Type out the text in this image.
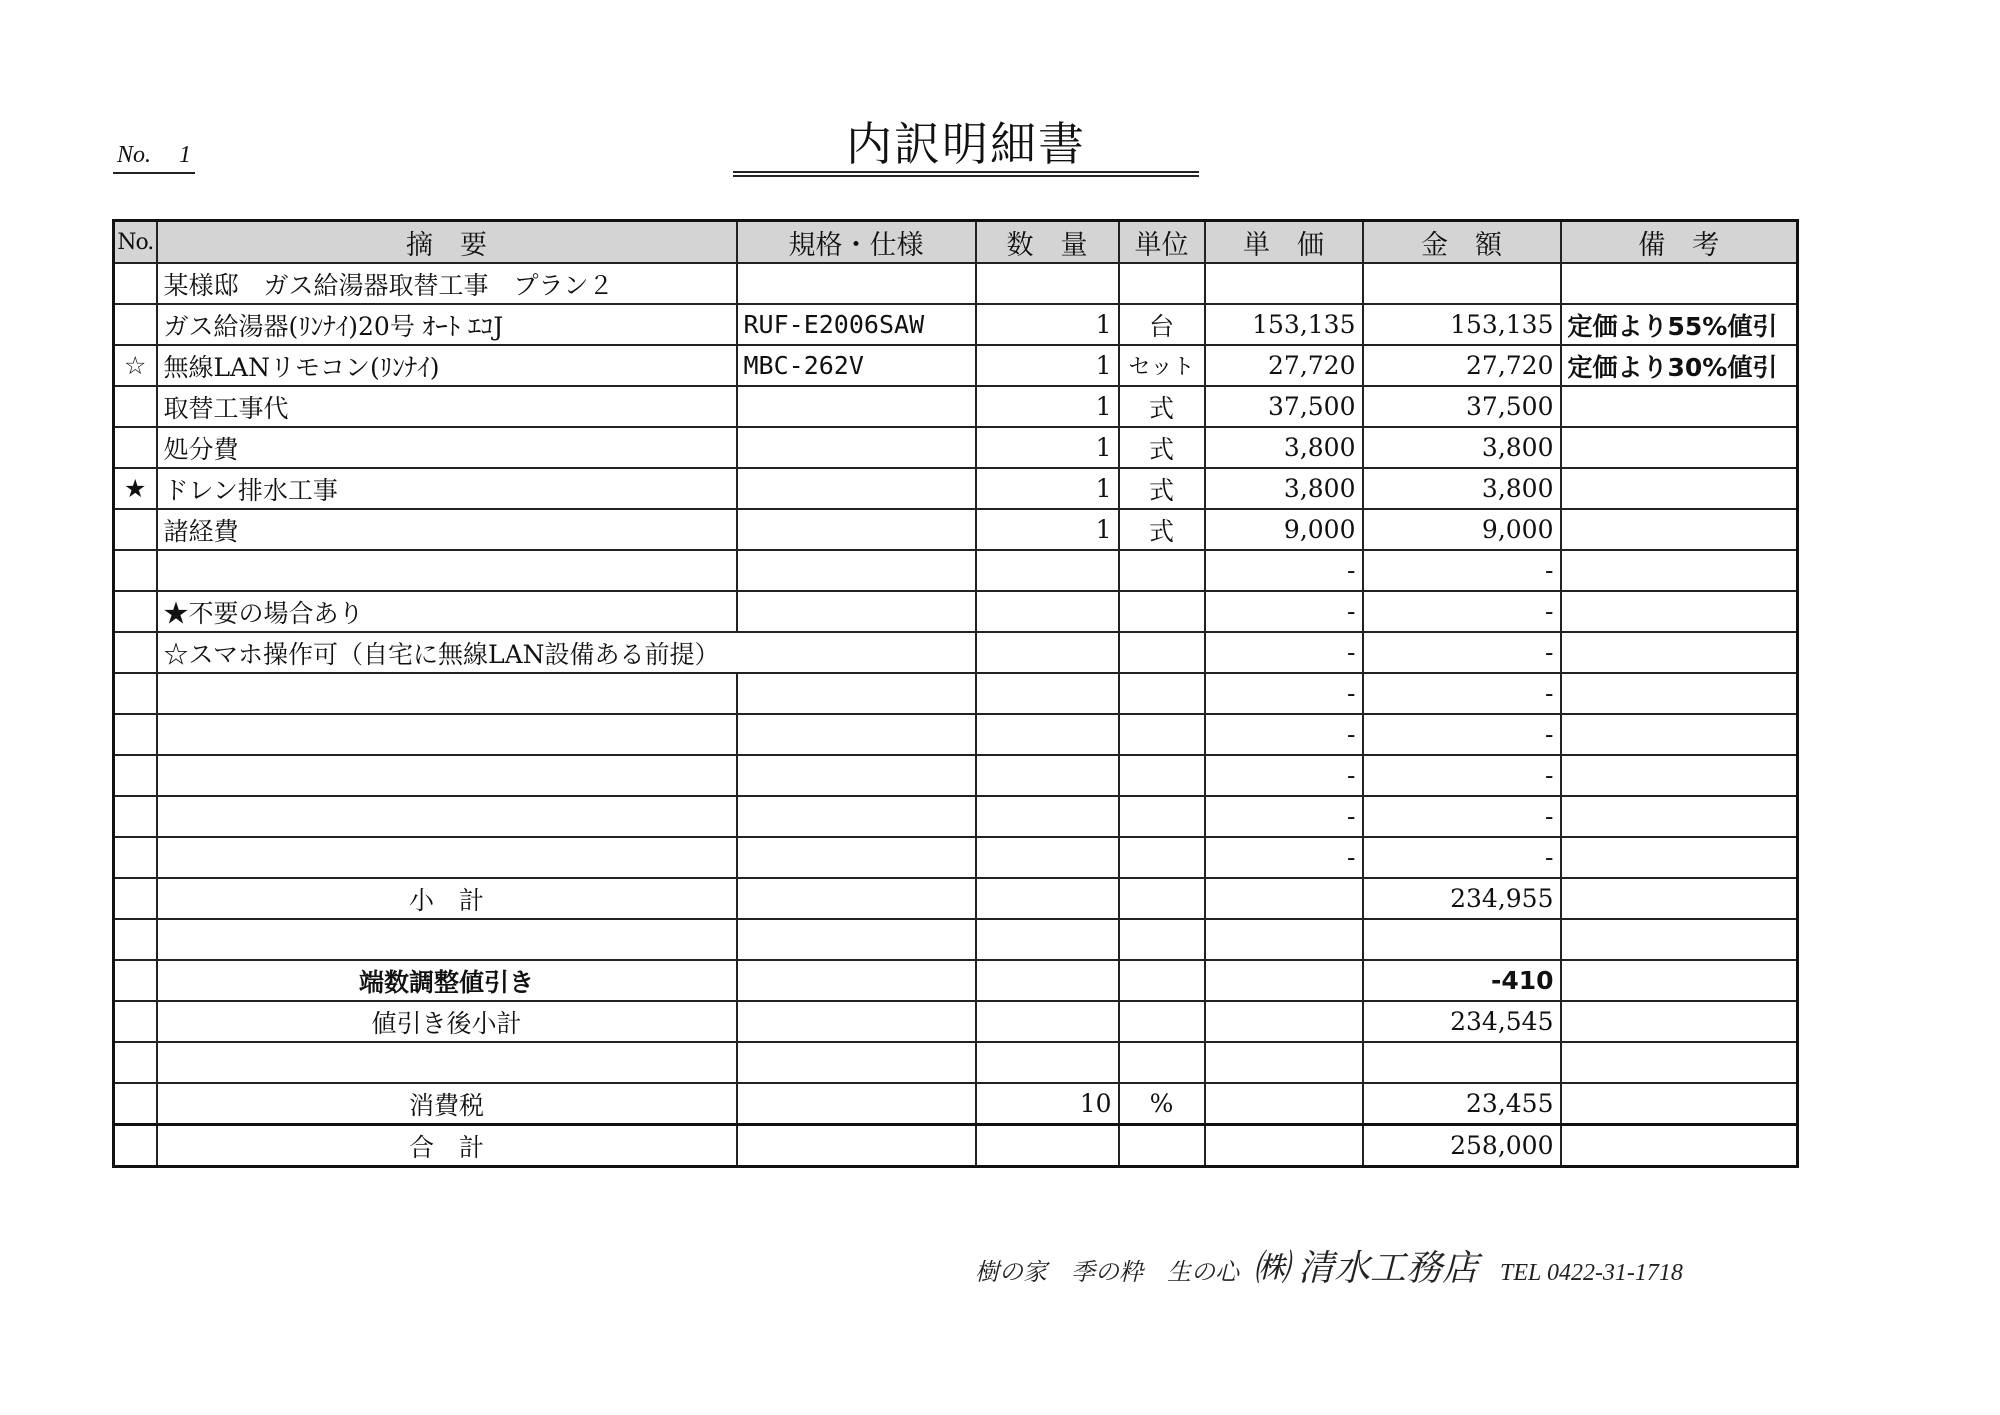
No. 1	内訳明細書
No.	摘　要	規格・仕様	数　量	単位	単　価	金　額	備　考
	某様邸　ガス給湯器取替工事　プラン２						
	ガス給湯器(ﾘﾝﾅｲ)20号 ｵｰﾄ ｴｺJ	RUF-E2006SAW	1	台	153,135	153,135	定価より55%値引
☆	無線LANリモコン(ﾘﾝﾅｲ)	MBC-262V	1	セット	27,720	27,720	定価より30%値引
	取替工事代		1	式	37,500	37,500	
	処分費		1	式	3,800	3,800	
★	ドレン排水工事		1	式	3,800	3,800	
	諸経費		1	式	9,000	9,000	
					-	-	
	★不要の場合あり				-	-	
	☆スマホ操作可（自宅に無線LAN設備ある前提）				-	-	
					-	-	
					-	-	
					-	-	
					-	-	
					-	-	
	小　計					234,955	

	端数調整値引き					-410	
	値引き後小計					234,545	

	消費税		10	%		23,455	
	合　計					258,000	
樹の家　季の粋　生の心 ㈱ 清水工務店 TEL 0422-31-1718
